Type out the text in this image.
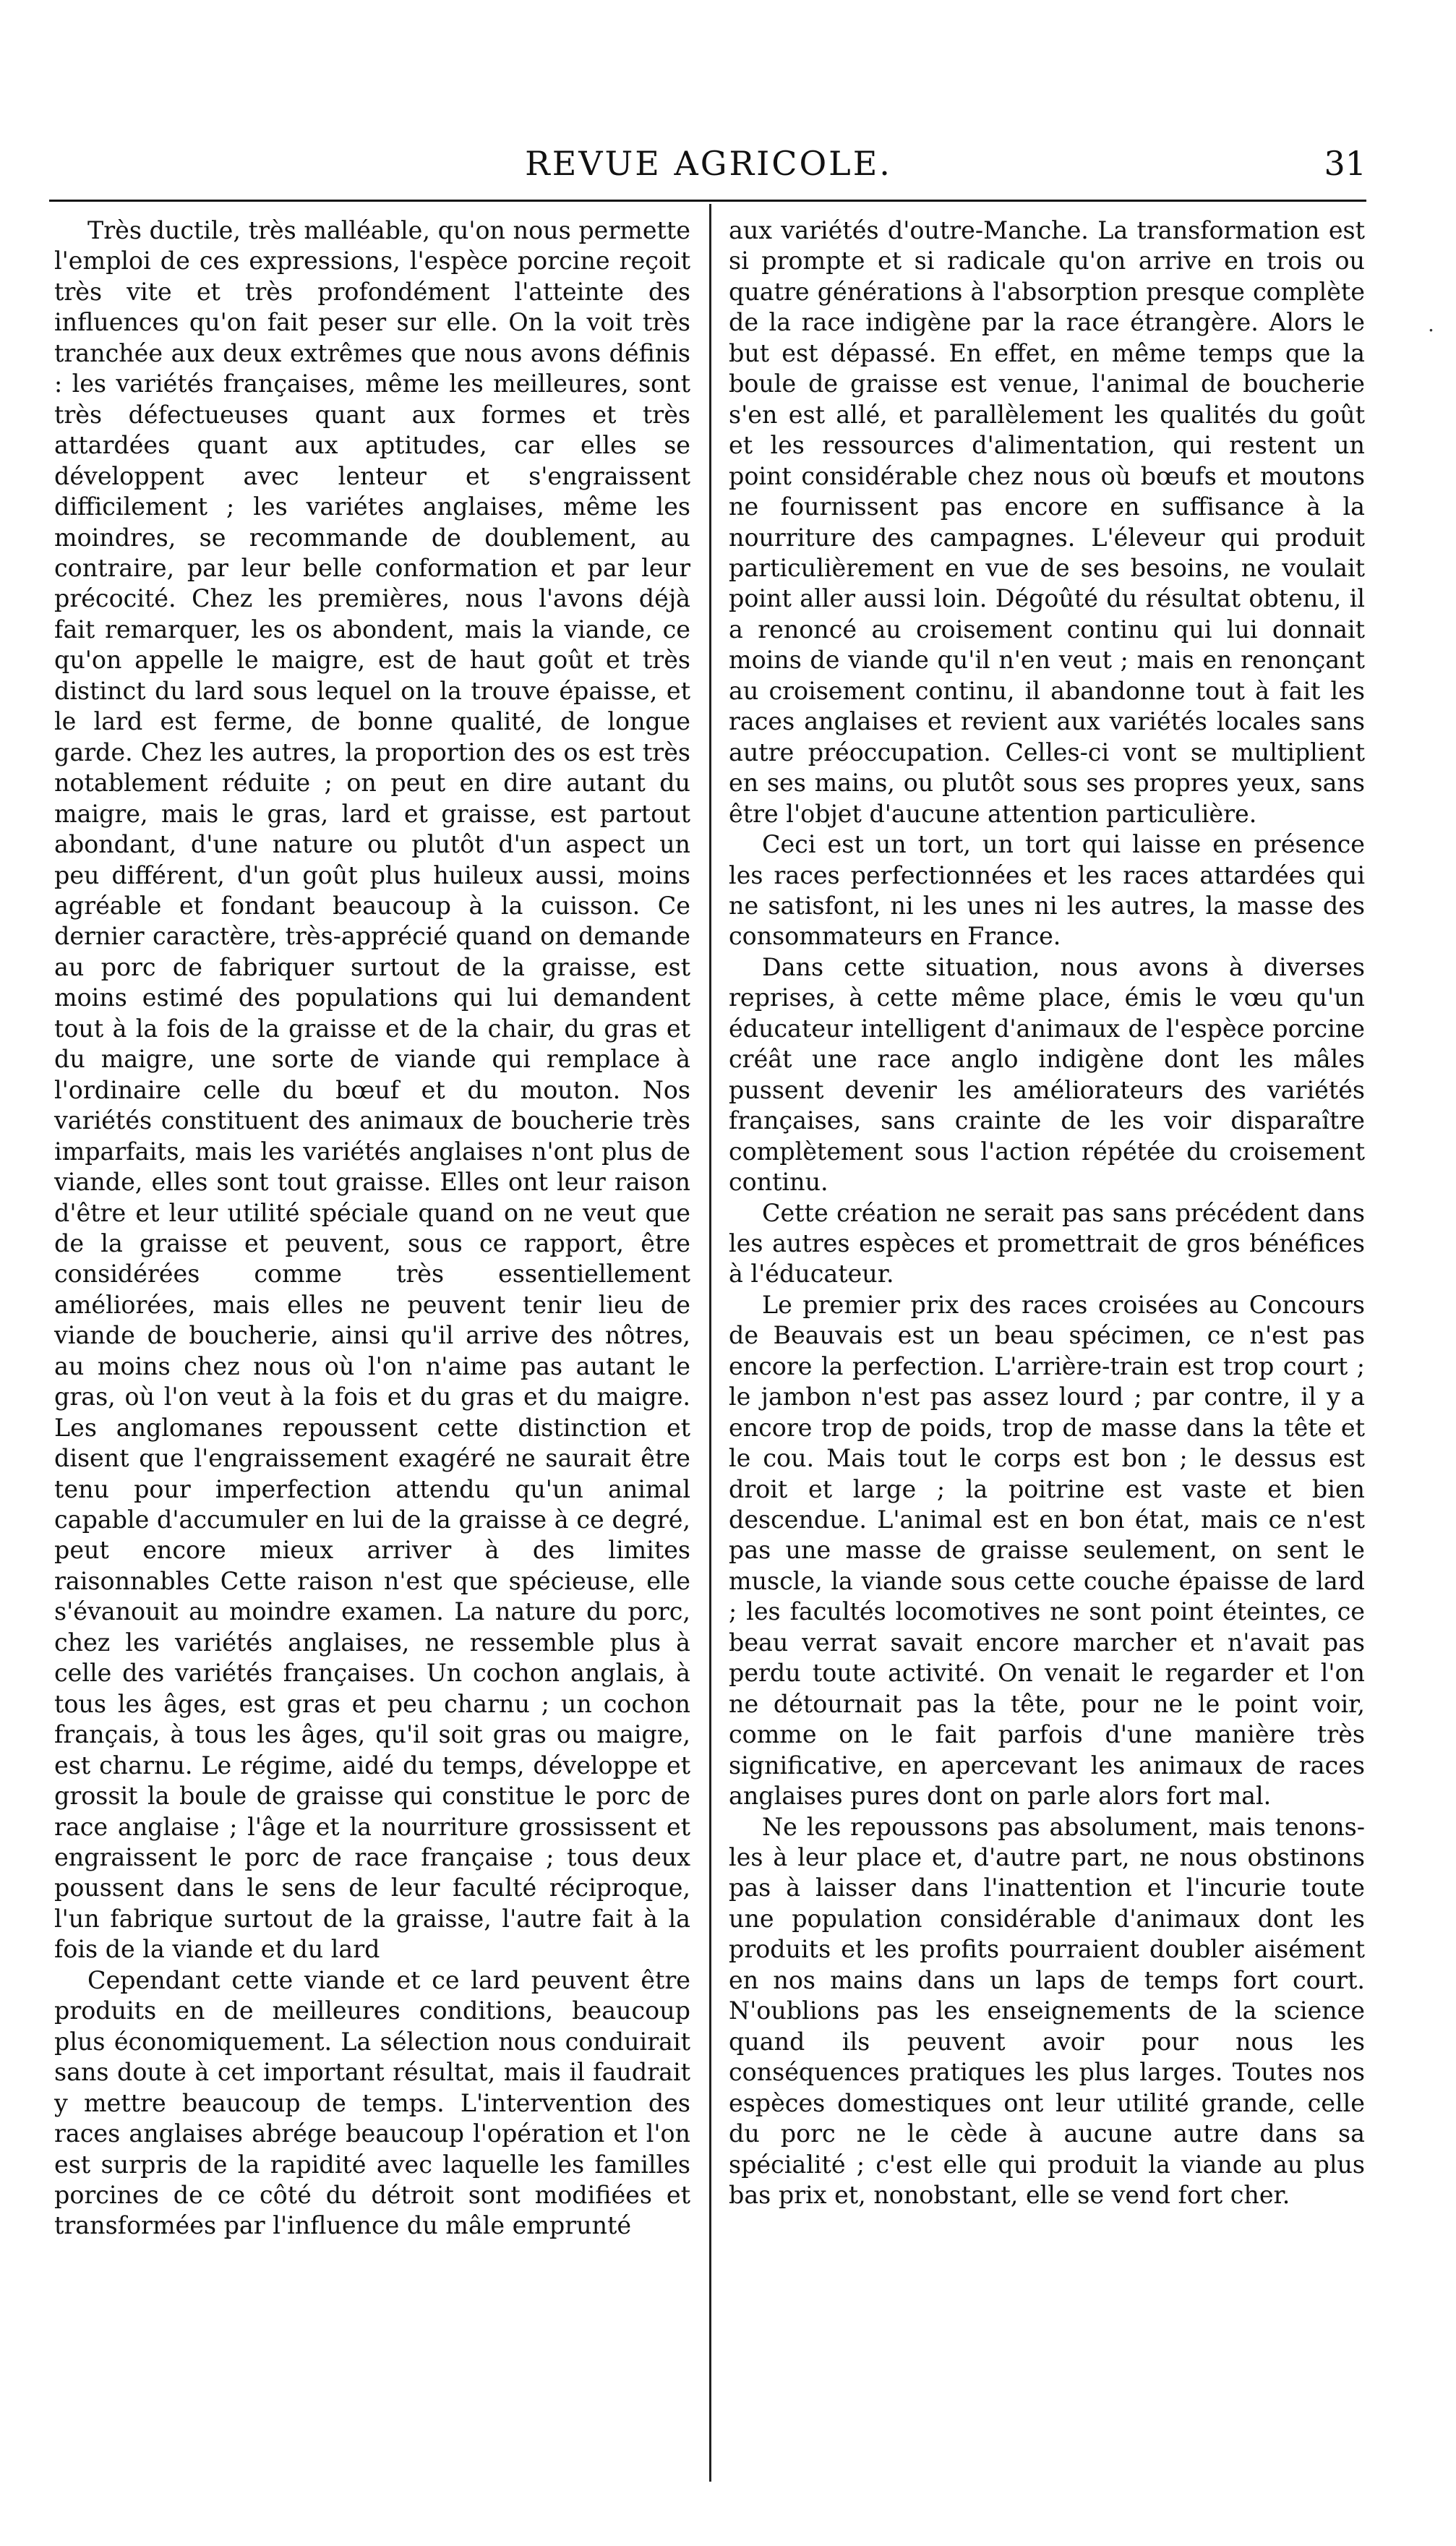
REVUE AGRICOLE.	31

Très ductile, très malléable, qu'on nous permette l'emploi de ces expressions, l'espèce porcine reçoit très vite et très profondément l'atteinte des influences qu'on fait peser sur elle. On la voit très tranchée aux deux extrêmes que nous avons définis : les variétés françaises, même les meilleures, sont très défectueuses quant aux formes et très attardées quant aux aptitudes, car elles se développent avec lenteur et s'engraissent difficilement ; les variétes anglaises, même les moindres, se recommande de doublement, au contraire, par leur belle conformation et par leur précocité. Chez les premières, nous l'avons déjà fait remarquer, les os abondent, mais la viande, ce qu'on appelle le maigre, est de haut goût et très distinct du lard sous lequel on la trouve épaisse, et le lard est ferme, de bonne qualité, de longue garde. Chez les autres, la proportion des os est très notablement réduite ; on peut en dire autant du maigre, mais le gras, lard et graisse, est partout abondant, d'une nature ou plutôt d'un aspect un peu différent, d'un goût plus huileux aussi, moins agréable et fondant beaucoup à la cuisson. Ce dernier caractère, très-apprécié quand on demande au porc de fabriquer surtout de la graisse, est moins estimé des populations qui lui demandent tout à la fois de la graisse et de la chair, du gras et du maigre, une sorte de viande qui remplace à l'ordinaire celle du bœuf et du mouton. Nos variétés constituent des animaux de boucherie très imparfaits, mais les variétés anglaises n'ont plus de viande, elles sont tout graisse. Elles ont leur raison d'être et leur utilité spéciale quand on ne veut que de la graisse et peuvent, sous ce rapport, être considérées comme très essentiellement améliorées, mais elles ne peuvent tenir lieu de viande de boucherie, ainsi qu'il arrive des nôtres, au moins chez nous où l'on n'aime pas autant le gras, où l'on veut à la fois et du gras et du maigre. Les anglomanes repoussent cette distinction et disent que l'engraissement exagéré ne saurait être tenu pour imperfection attendu qu'un animal capable d'accumuler en lui de la graisse à ce degré, peut encore mieux arriver à des limites raisonnables Cette raison n'est que spécieuse, elle s'évanouit au moindre examen. La nature du porc, chez les variétés anglaises, ne ressemble plus à celle des variétés françaises. Un cochon anglais, à tous les âges, est gras et peu charnu ; un cochon français, à tous les âges, qu'il soit gras ou maigre, est charnu. Le régime, aidé du temps, développe et grossit la boule de graisse qui constitue le porc de race anglaise ; l'âge et la nourriture grossissent et engraissent le porc de race française ; tous deux poussent dans le sens de leur faculté réciproque, l'un fabrique surtout de la graisse, l'autre fait à la fois de la viande et du lard

Cependant cette viande et ce lard peuvent être produits en de meilleures conditions, beaucoup plus économiquement. La sélection nous conduirait sans doute à cet important résultat, mais il faudrait y mettre beaucoup de temps. L'intervention des races anglaises abrége beaucoup l'opération et l'on est surpris de la rapidité avec laquelle les familles porcines de ce côté du détroit sont modifiées et transformées par l'influence du mâle emprunté

aux variétés d'outre-Manche. La transformation est si prompte et si radicale qu'on arrive en trois ou quatre générations à l'absorption presque complète de la race indigène par la race étrangère. Alors le but est dépassé. En effet, en même temps que la boule de graisse est venue, l'animal de boucherie s'en est allé, et parallèlement les qualités du goût et les ressources d'alimentation, qui restent un point considérable chez nous où bœufs et moutons ne fournissent pas encore en suffisance à la nourriture des campagnes. L'éleveur qui produit particulièrement en vue de ses besoins, ne voulait point aller aussi loin. Dégoûté du résultat obtenu, il a renoncé au croisement continu qui lui donnait moins de viande qu'il n'en veut ; mais en renonçant au croisement continu, il abandonne tout à fait les races anglaises et revient aux variétés locales sans autre préoccupation. Celles-ci vont se multiplient en ses mains, ou plutôt sous ses propres yeux, sans être l'objet d'aucune attention particulière.

Ceci est un tort, un tort qui laisse en présence les races perfectionnées et les races attardées qui ne satisfont, ni les unes ni les autres, la masse des consommateurs en France.

Dans cette situation, nous avons à diverses reprises, à cette même place, émis le vœu qu'un éducateur intelligent d'animaux de l'espèce porcine créât une race anglo indigène dont les mâles pussent devenir les améliorateurs des variétés françaises, sans crainte de les voir disparaître complètement sous l'action répétée du croisement continu.

Cette création ne serait pas sans précédent dans les autres espèces et promettrait de gros bénéfices à l'éducateur.

Le premier prix des races croisées au Concours de Beauvais est un beau spécimen, ce n'est pas encore la perfection. L'arrière-train est trop court ; le jambon n'est pas assez lourd ; par contre, il y a encore trop de poids, trop de masse dans la tête et le cou. Mais tout le corps est bon ; le dessus est droit et large ; la poitrine est vaste et bien descendue. L'animal est en bon état, mais ce n'est pas une masse de graisse seulement, on sent le muscle, la viande sous cette couche épaisse de lard ; les facultés locomotives ne sont point éteintes, ce beau verrat savait encore marcher et n'avait pas perdu toute activité. On venait le regarder et l'on ne détournait pas la tête, pour ne le point voir, comme on le fait parfois d'une manière très significative, en apercevant les animaux de races anglaises pures dont on parle alors fort mal.

Ne les repoussons pas absolument, mais tenons-les à leur place et, d'autre part, ne nous obstinons pas à laisser dans l'inattention et l'incurie toute une population considérable d'animaux dont les produits et les profits pourraient doubler aisément en nos mains dans un laps de temps fort court. N'oublions pas les enseignements de la science quand ils peuvent avoir pour nous les conséquences pratiques les plus larges. Toutes nos espèces domestiques ont leur utilité grande, celle du porc ne le cède à aucune autre dans sa spécialité ; c'est elle qui produit la viande au plus bas prix et, nonobstant, elle se vend fort cher.

.
